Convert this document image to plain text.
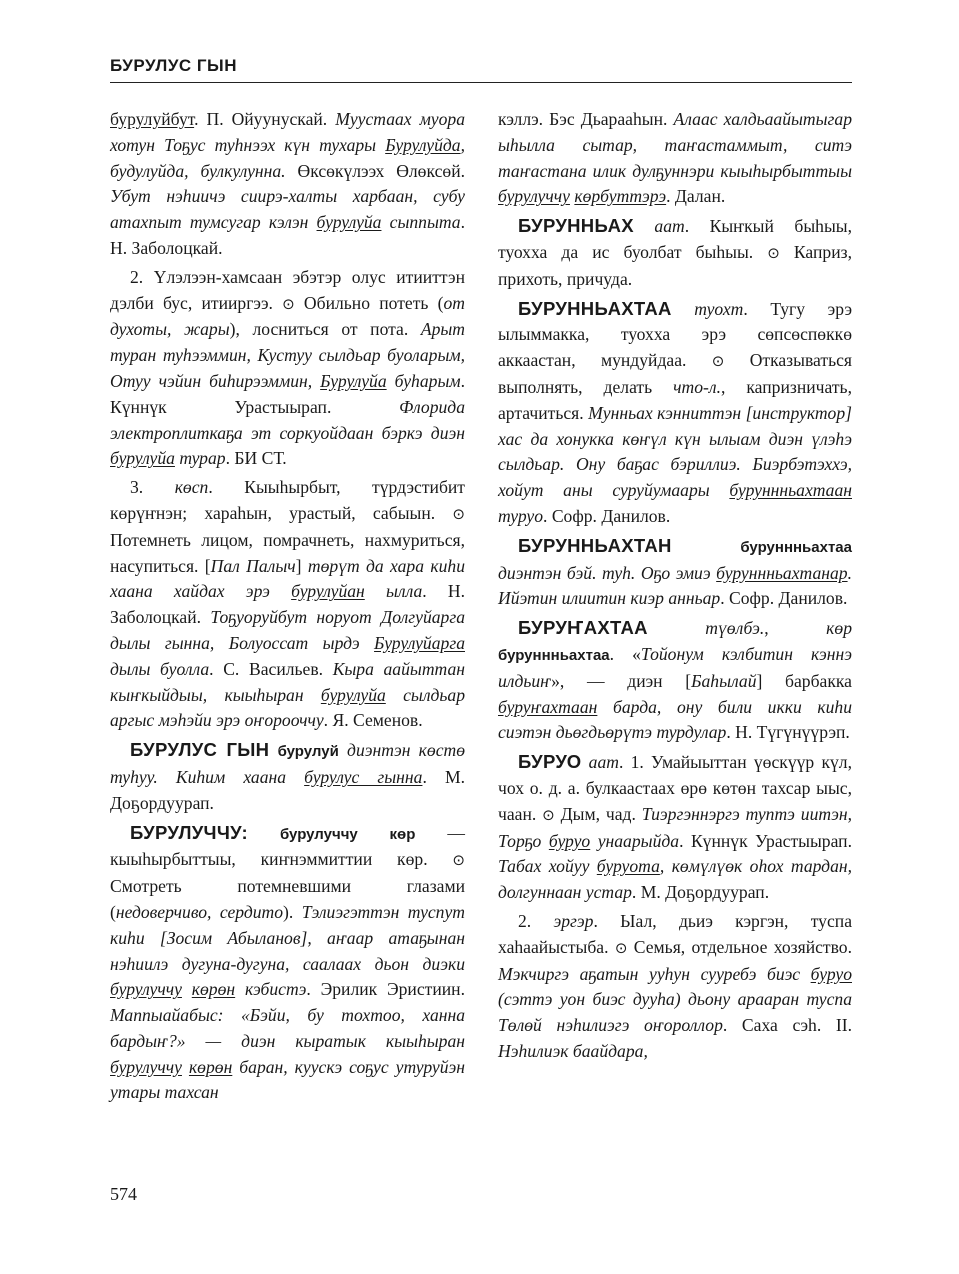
БУРУЛУС ГЫН

бурулуйбут. П. Ойуунускай. Муустаах муора хотун Тоҕус туһнээх күн тухары Бурулуйда, будулуйда, булкулунна. Өксөкүлээх Өлөксөй. Убут нэһиичэ сиирэ-халты харбаан, субу атахпыт тумсугар кэлэн бурулуйа сыппыта. Н. Заболоцкай.

2. Үлэлээн-хамсаан эбэтэр олус итииттэн дэлби бус, итииргээ. ⊙ Обильно потеть (от духоты, жары), лосниться от пота. Арыт туран туһээммин, Кустуу сылдьар буоларым, Отуу чэйин биһирээммин, Бурулуйа буһарым. Күннүк Урастыырап. Флорида электроплиткаҕа эт соркуойдаан бэркэ диэн бурулуйа турар. БИ СТ.

3. көсп. Кыыһырбыт, түрдэстибит көрүҥнэн; хараһын, урастый, сабыын. ⊙ Потемнеть лицом, помрачнеть, нахмуриться, насупиться. [Пал Палыч] төрүт да хара киһи хаана хайдах эрэ бурулуйан ылла. Н. Заболоцкай. Тоҕуоруйбут норуот Долгуйарга дылы гынна, Болуоссат ырдэ Бурулуйарга дылы буолла. С. Васильев. Кыра аайыттан кыҥкыйдыы, кыыһыран бурулуйа сылдьар аргыс мэһэйи эрэ оҥорооччу. Я. Семенов.

БУРУЛУС ГЫН бурулуй диэнтэн көстө туһуу. Киһим хаана бурулус гынна. М. Доҕордуурап.

БУРУЛУЧЧУ: бурулуччу көр — кыыһырбыттыы, киҥнэммиттии көр. ⊙ Смотреть потемневшими глазами (недоверчиво, сердито). Тэлиэгэттэн туспут киһи [Зосим Абыланов], аҥаар атаҕынан нэһиилэ дугуна-дугуна, саалаах дьон диэки бурулуччу көрөн кэбистэ. Эрилик Эристиин. Маппыайабыс: «Бэйи, бу тохтоо, ханна бардыҥ?» — диэн кыратык кыыһыран бурулуччу көрөн баран, куускэ соҕус утуруйэн утары тахсан

кэллэ. Бэс Дьарааһын. Алаас халдьаайытыгар ыһылла сытар, таҥастаммыт, ситэ таҥастана илик дулҕуннэри кыыһырбыттыы бурулуччу көрбуттэрэ. Далан.

БУРУННЬАХ аат. Кыҥкый быһыы, туохха да ис буолбат быһыы. ⊙ Каприз, прихоть, причуда.

БУРУННЬАХТАА туохт. Тугу эрэ ылыммакка, туохха эрэ сөпсөспөккө аккаастан, мундуйдаа. ⊙ Отказываться выполнять, делать что-л., капризничать, артачиться. Мунньах кэнниттэн [инструктор] хас да хонукка көҥүл күн ылыам диэн үлэһэ сылдьар. Ону баҕас бэриллиэ. Биэрбэтэххэ, хойут аны суруйумаары буруннньахтаан туруо. Софр. Данилов.

БУРУННЬАХТАН	буруннньахтаа диэнтэн бэй. туһ. Оҕо эмиэ буруннньахтанар. Ийэтин илиитин киэр анньар. Софр. Данилов.

БУРУҤАХТАА	түөлбэ., көр буруннньахтаа. «Тойонум кэлбитин кэннэ илдьиҥ», — диэн [Баһылай] барбакка буруҥахтаан барда, ону били икки киһи сиэтэн дьөгдьөрүтэ турдулар. Н. Түгүнүүрэп.

БУРУО аат. 1. Умайыыттан үөскүүр күл, чох о. д. а. булкаастаах өрө көтөн тахсар ыыс, чаан. ⊙ Дым, чад. Тиэргэннэргэ туптэ иитэн, Торҕо буруо унаарыйда. Күннүк Урастыырап. Табах хойуу буруота, көмүлүөк оһох тардан, долгуннаан устар. М. Доҕордуурап.

2. эргэр. Ыал, дьиэ кэргэн, туспа хаһаайыстыба. ⊙ Семья, отдельное хозяйство. Мэкчиргэ аҕатын ууһун сууребэ биэс буруо (сэттэ уон биэс дууһа) дьону арааран туспа Төлөй нэһилиэгэ оҥороллор. Саха сэһ. II. Нэһилиэк баайдара,

574
